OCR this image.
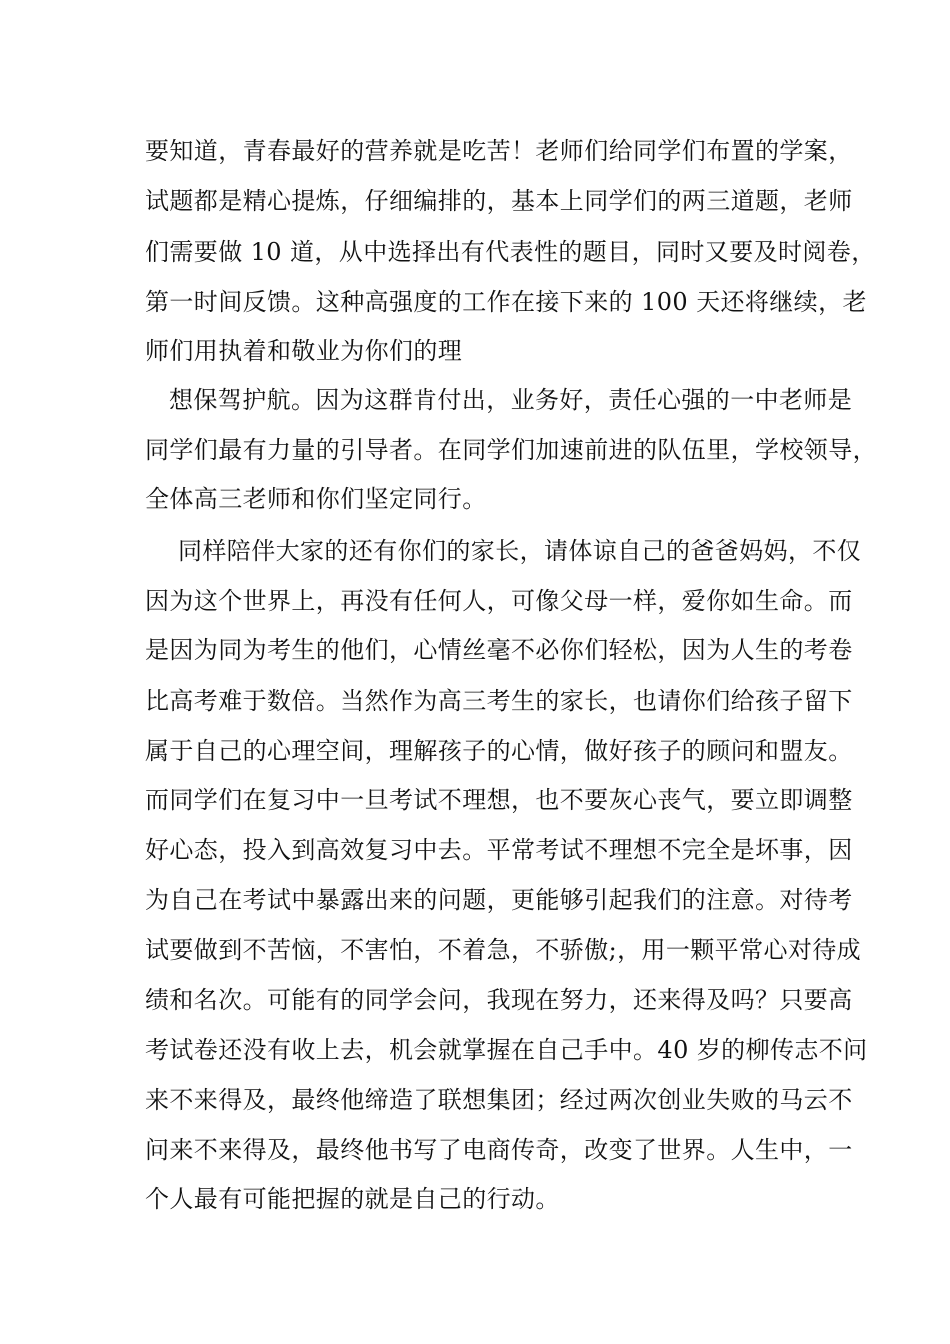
要知道，青春最好的营养就是吃苦！老师们给同学们布置的学案，
试题都是精心提炼，仔细编排的，基本上同学们的两三道题，老师
们需要做 10 道，从中选择出有代表性的题目，同时又要及时阅卷，
第一时间反馈。这种高强度的工作在接下来的 100 天还将继续，老
师们用执着和敬业为你们的理
想保驾护航。因为这群肯付出，业务好，责任心强的一中老师是
同学们最有力量的引导者。在同学们加速前进的队伍里，学校领导，
全体高三老师和你们坚定同行。
同样陪伴大家的还有你们的家长，请体谅自己的爸爸妈妈，不仅
因为这个世界上，再没有任何人，可像父母一样，爱你如生命。而
是因为同为考生的他们，心情丝毫不必你们轻松，因为人生的考卷
比高考难于数倍。当然作为高三考生的家长，也请你们给孩子留下
属于自己的心理空间，理解孩子的心情，做好孩子的顾问和盟友。
而同学们在复习中一旦考试不理想，也不要灰心丧气，要立即调整
好心态，投入到高效复习中去。平常考试不理想不完全是坏事，因
为自己在考试中暴露出来的问题，更能够引起我们的注意。对待考
试要做到不苦恼，不害怕，不着急，不骄傲;，用一颗平常心对待成
绩和名次。可能有的同学会问，我现在努力，还来得及吗？只要高
考试卷还没有收上去，机会就掌握在自己手中。40 岁的柳传志不问
来不来得及，最终他缔造了联想集团；经过两次创业失败的马云不
问来不来得及，最终他书写了电商传奇，改变了世界。人生中，一
个人最有可能把握的就是自己的行动。
